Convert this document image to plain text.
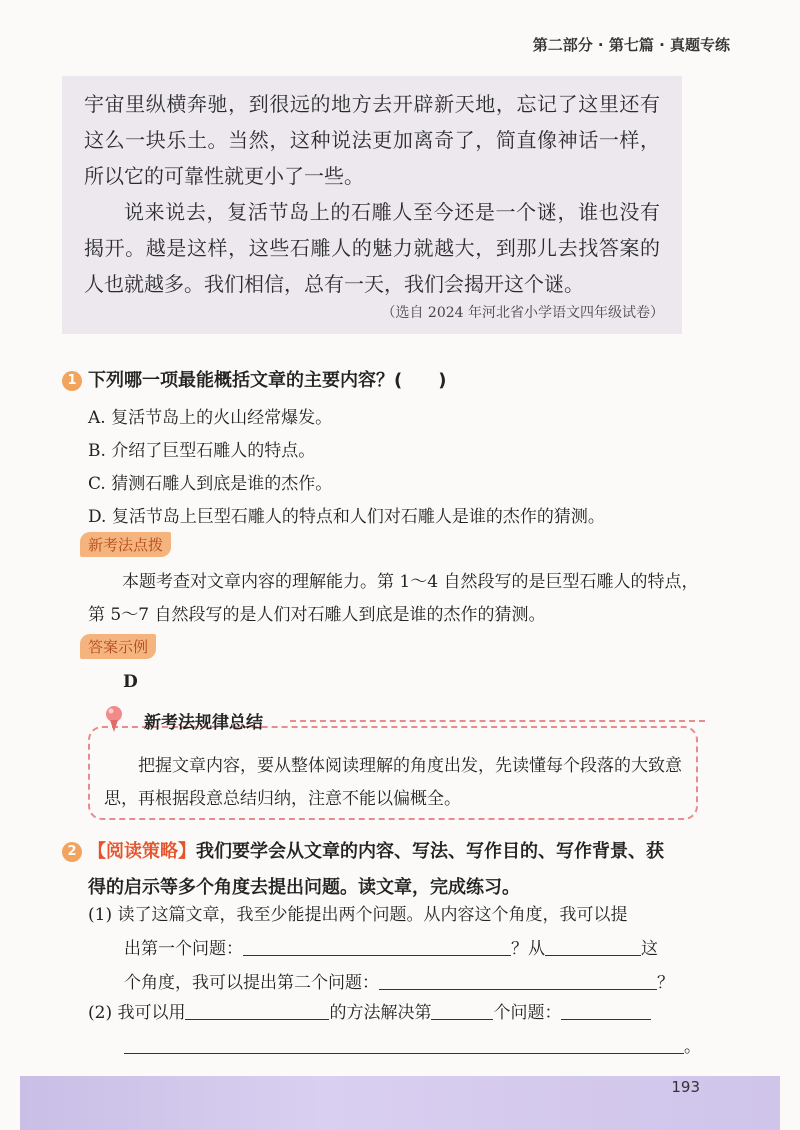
第二部分 · 第七篇 · 真题专练

宇宙里纵横奔驰，到很远的地方去开辟新天地，忘记了这里还有这么一块乐土。当然，这种说法更加离奇了，简直像神话一样，所以它的可靠性就更小了一些。

说来说去，复活节岛上的石雕人至今还是一个谜，谁也没有揭开。越是这样，这些石雕人的魅力就越大，到那儿去找答案的人也就越多。我们相信，总有一天，我们会揭开这个谜。

（选自 2024 年河北省小学语文四年级试卷）
1 下列哪一项最能概括文章的主要内容？(　　)
A. 复活节岛上的火山经常爆发。
B. 介绍了巨型石雕人的特点。
C. 猜测石雕人到底是谁的杰作。
D. 复活节岛上巨型石雕人的特点和人们对石雕人是谁的杰作的猜测。
新考法点拨
本题考查对文章内容的理解能力。第 1～4 自然段写的是巨型石雕人的特点，第 5～7 自然段写的是人们对石雕人到底是谁的杰作的猜测。
答案示例
D

把握文章内容，要从整体阅读理解的角度出发，先读懂每个段落的大致意思，再根据段意总结归纳，注意不能以偏概全。

新考法规律总结
2 【阅读策略】我们要学会从文章的内容、写法、写作目的、写作背景、获
得的启示等多个角度去提出问题。读文章，完成练习。
(1) 读了这篇文章，我至少能提出两个问题。从内容这个角度，我可以提
出第一个问题：	？从	这
个角度，我可以提出第二个问题：	？
(2) 我可以用	的方法解决第	个问题：
。
193
